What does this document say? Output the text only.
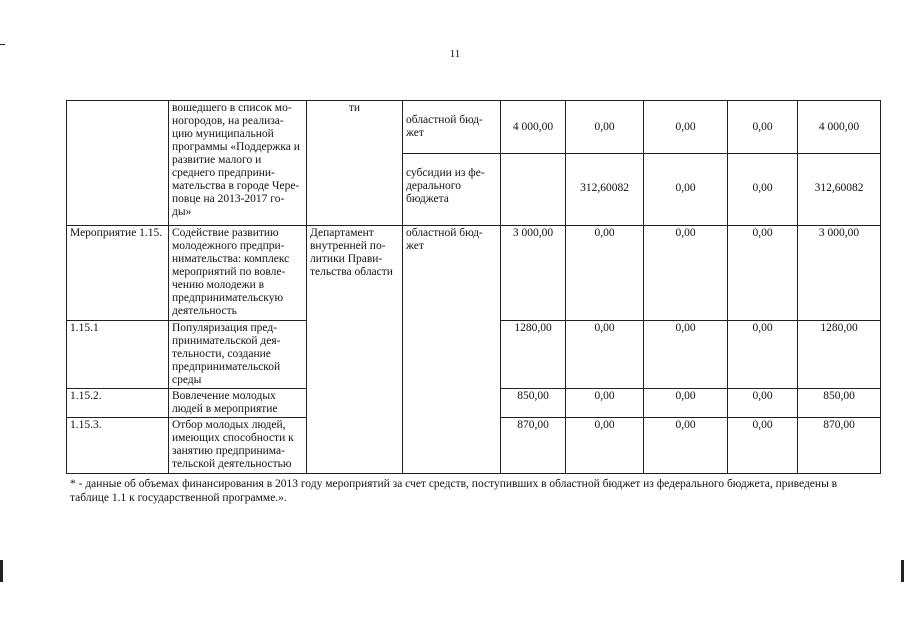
11
	вошедшего в список мо-ногородов, на реализа-цию муниципальной программы «Поддержка и развитие малого и среднего предприни-мательства в городе Чере-повце на 2013-2017 го-ды»	ти	областной бюд-жет	4 000,00	0,00	0,00	0,00	4 000,00
			субсидии из фе-дерального бюджета		312,60082	0,00	0,00	312,60082
Мероприятие 1.15.	Содействие развитию молодежного предпри-нимательства: комплекс мероприятий по вовле-чению молодежи в предпринимательскую деятельность	Департамент внутренней по-литики Прави-тельства области	областной бюд-жет	3 000,00	0,00	0,00	0,00	3 000,00
1.15.1	Популяризация пред-принимательской дея-тельности, создание предпринимательской среды			1280,00	0,00	0,00	0,00	1280,00
1.15.2.	Вовлечение молодых людей в мероприятие			850,00	0,00	0,00	0,00	850,00
1.15.3.	Отбор молодых людей, имеющих способности к занятию предпринима-тельской деятельностью			870,00	0,00	0,00	0,00	870,00
* - данные об объемах финансирования в 2013 году мероприятий за счет средств, поступивших в областной бюджет из федерального бюджета, приведены в таблице 1.1 к государственной программе.».
